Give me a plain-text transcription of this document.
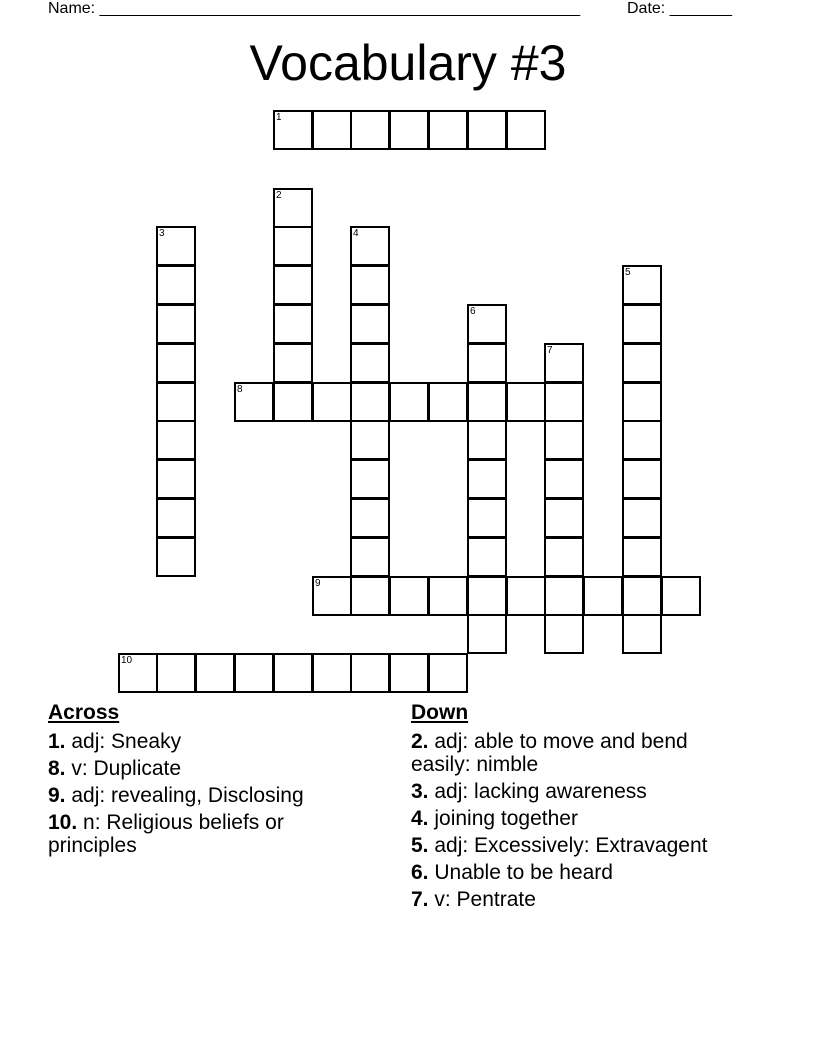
Name: ______________________________________________________	Date: _______
Vocabulary #3
1
2
3	4
5
6
7
8
9
10
Across
1. adj: Sneaky
8. v: Duplicate
9. adj: revealing, Disclosing
10. n: Religious beliefs or principles
Down
2. adj: able to move and bend easily: nimble
3. adj: lacking awareness
4. joining together
5. adj: Excessively: Extravagent
6. Unable to be heard
7. v: Pentrate
